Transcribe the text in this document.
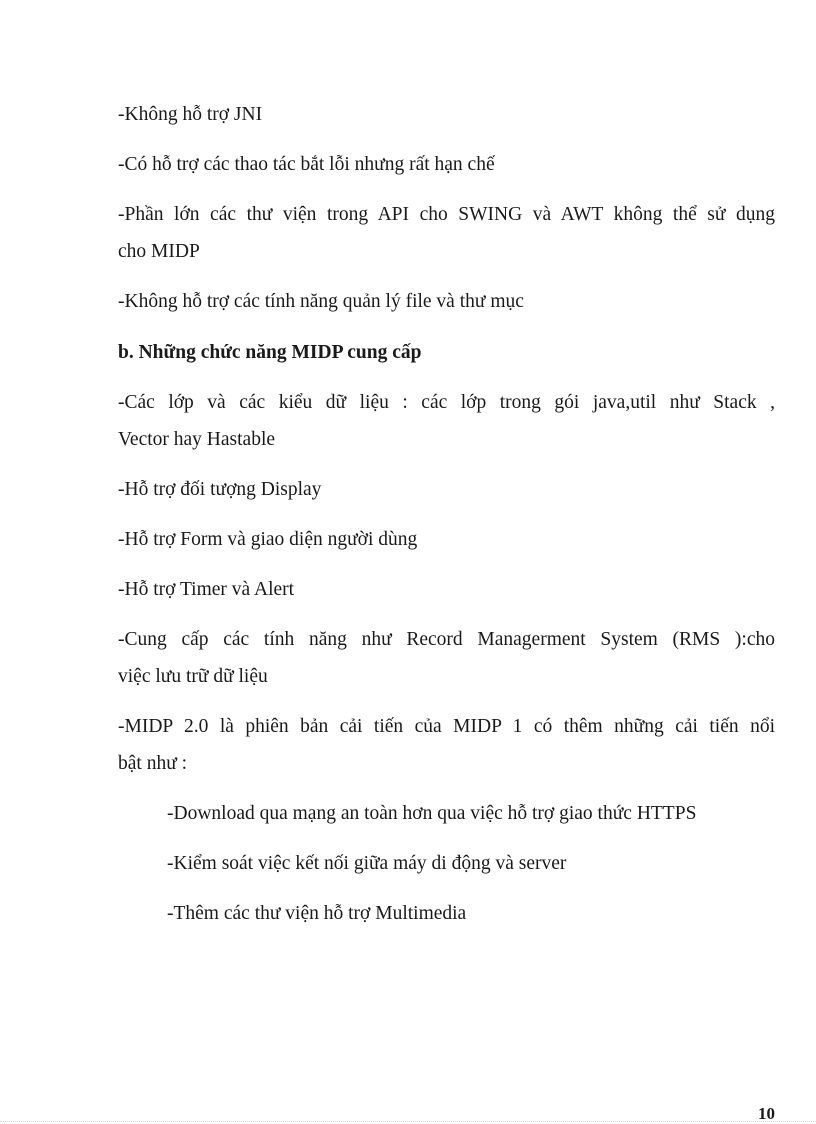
-Không hỗ trợ JNI
-Có hỗ trợ các thao tác bắt lỗi nhưng rất hạn chế
-Phần lớn các thư viện trong API cho SWING và AWT không thể sử dụng
cho MIDP
-Không hỗ trợ các tính năng quản lý file và thư mục
b. Những chức năng MIDP cung cấp
-Các lớp và các kiểu dữ liệu : các lớp trong gói java,util như Stack ,
Vector hay Hastable
-Hỗ trợ đối tượng Display
-Hỗ trợ Form và giao diện người dùng
-Hỗ trợ Timer và Alert
-Cung cấp các tính năng như Record Managerment System (RMS ):cho
việc lưu trữ dữ liệu
-MIDP 2.0 là phiên bản cải tiến của MIDP 1 có thêm những cải tiến nổi
bật như :
-Download qua mạng an toàn hơn qua việc hỗ trợ giao thức HTTPS
-Kiểm soát việc kết nối giữa máy di động và server
-Thêm các thư viện hỗ trợ Multimedia
10
